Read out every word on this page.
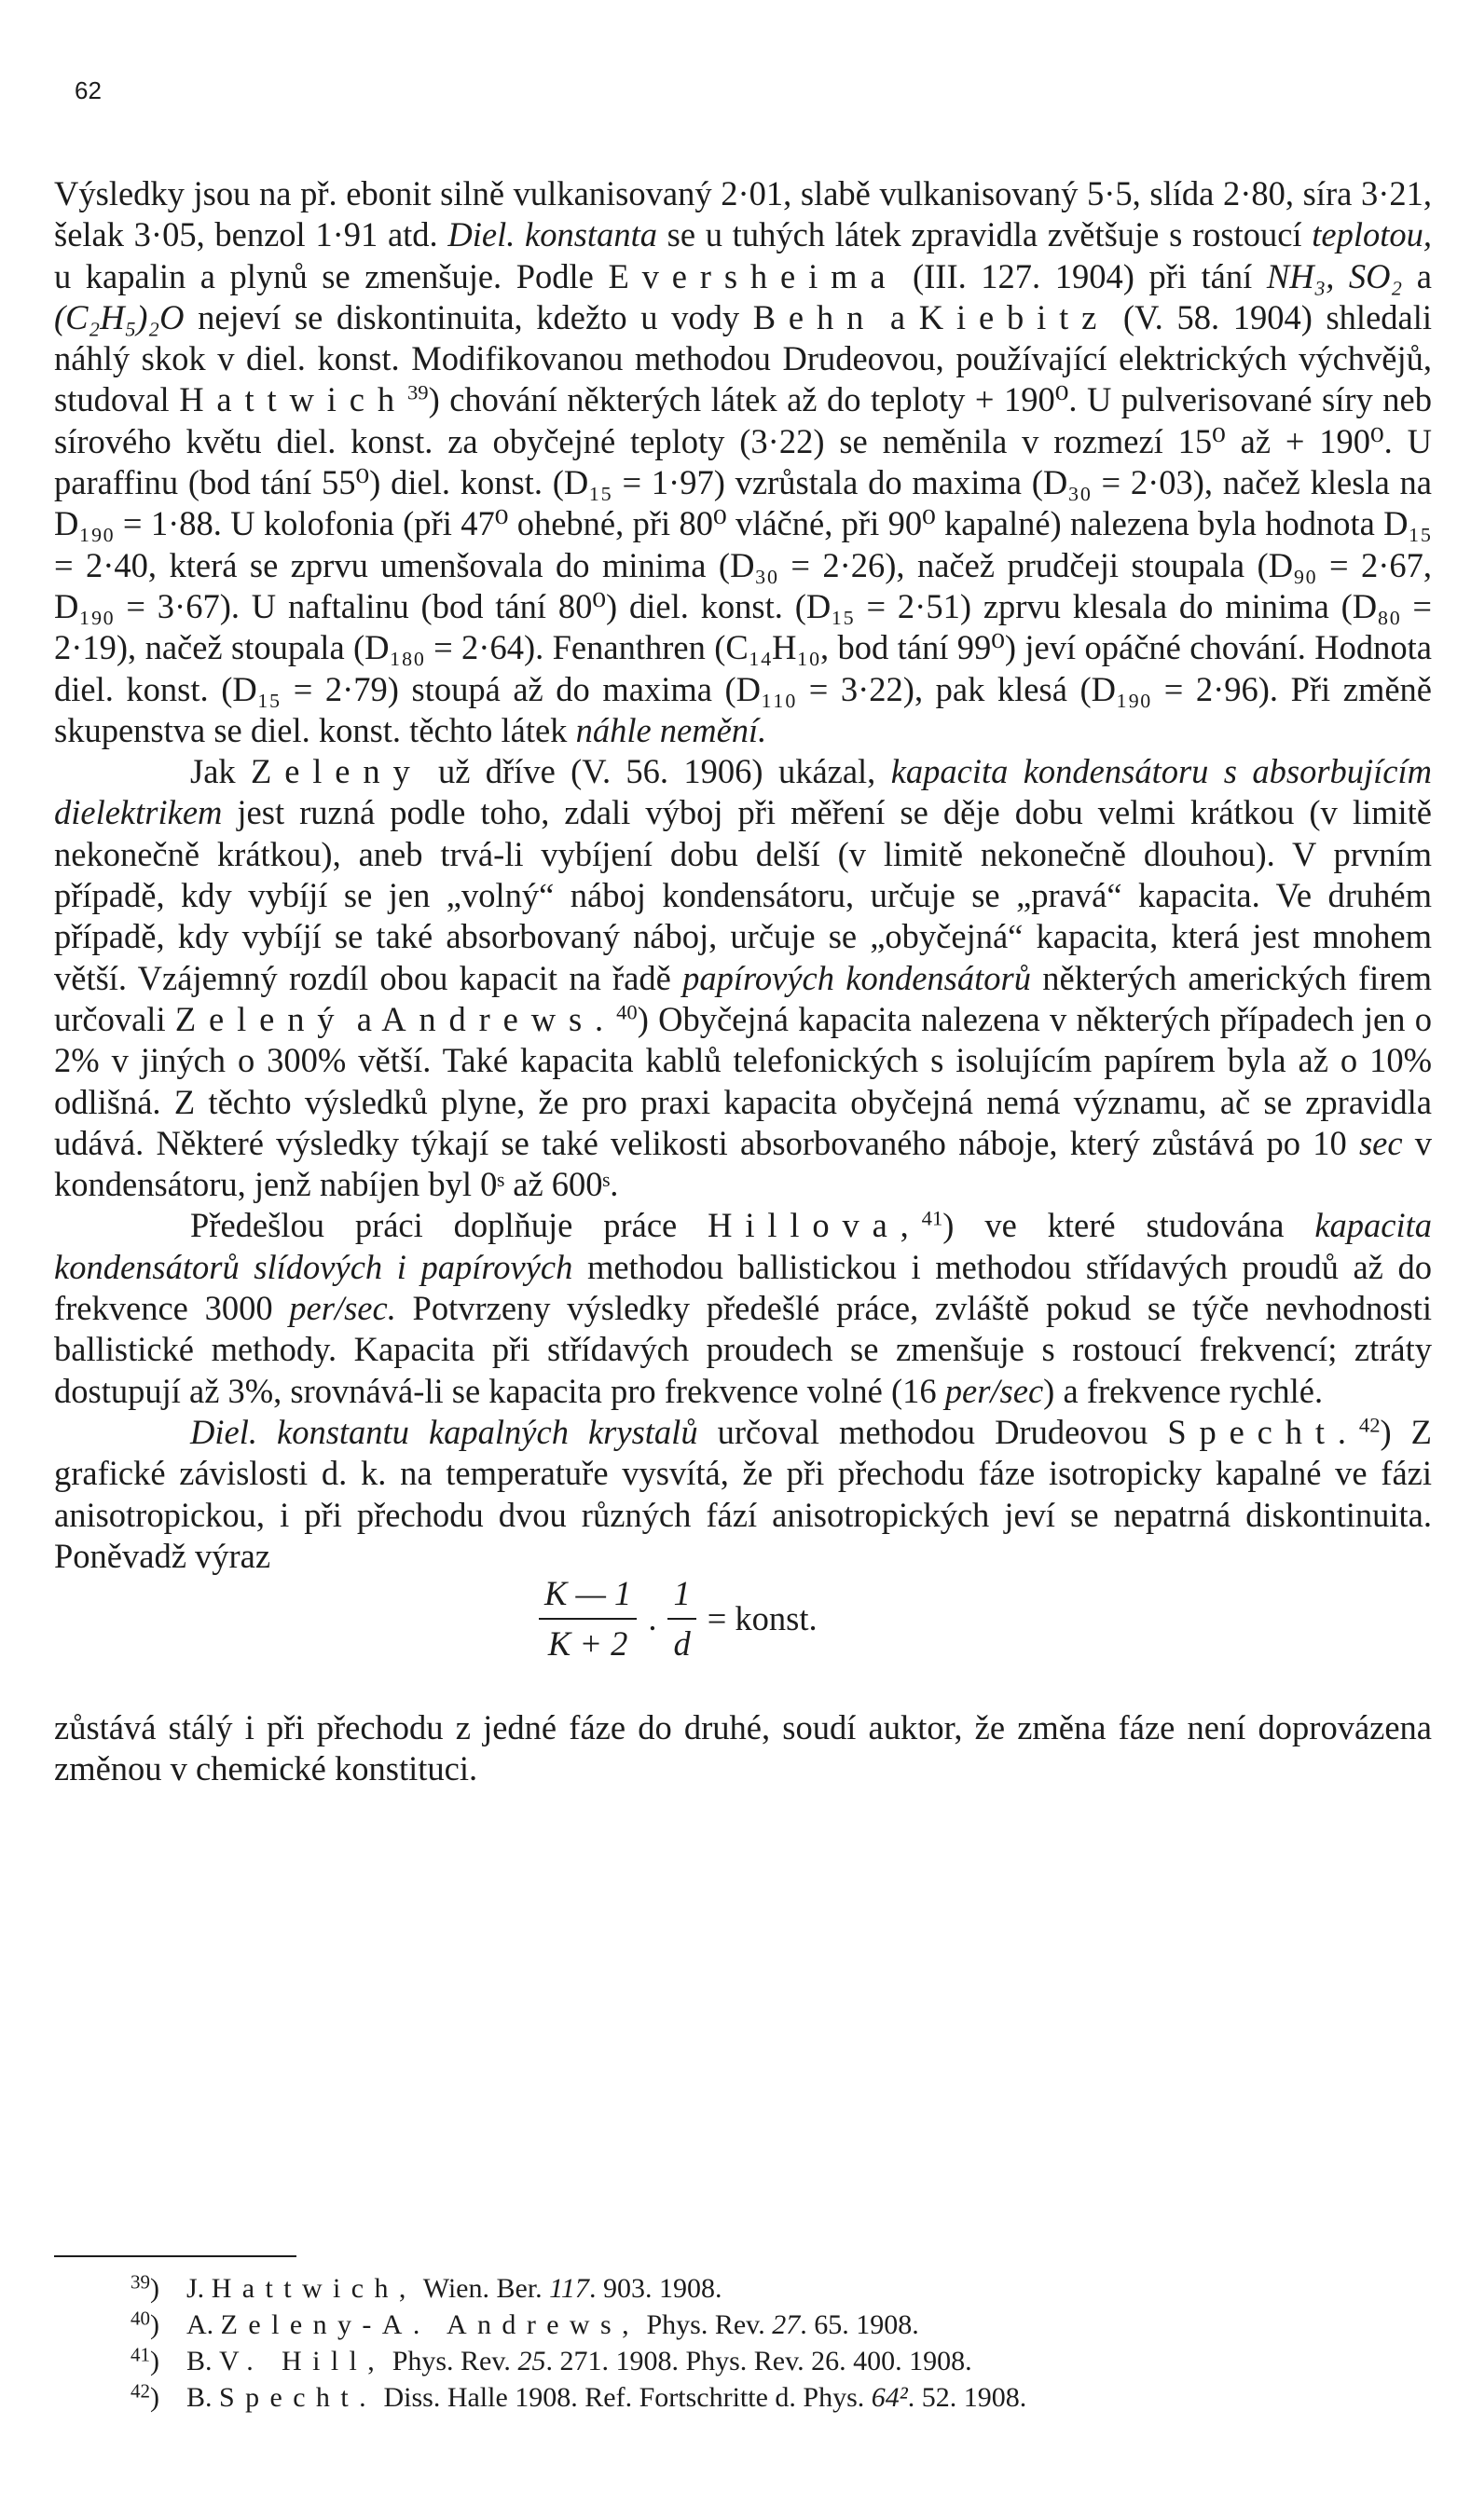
62

Výsledky jsou na př. ebonit silně vulkanisovaný 2·01, slabě vulkanisovaný 5·5, slída 2·80, síra 3·21, šelak 3·05, benzol 1·91 atd. Diel. konstanta se u tuhých látek zpravidla zvětšuje s rostoucí teplotou, u kapalin a plynů se zmenšuje. Podle Eversheima (III. 127. 1904) při tání NH₃, SO₂ a (C₂H₅)₂O nejeví se diskontinuita, kdežto u vody Behn a Kiebitz (V. 58. 1904) shledali náhlý skok v diel. konst. Modifikovanou methodou Drudeovou, používající elektrických výchvějů, studoval Hattwich$^{39}$) chování některých látek až do teploty + 190⁰. U pulverisované síry neb sírového květu diel. konst. za obyčejné teploty (3·22) se neměnila v rozmezí 15⁰ až + 190⁰. U paraffinu (bod tání 55⁰) diel. konst. (D₁₅ = 1·97) vzrůstala do maxima (D₃₀ = 2·03), načež klesla na D₁₉₀ = 1·88. U kolofonia (při 47⁰ ohebné, při 80⁰ vláčné, při 90⁰ kapalné) nalezena byla hodnota D₁₅ = 2·40, která se zprvu umenšovala do minima (D₃₀ = 2·26), načež prudčeji stoupala (D₉₀ = 2·67, D₁₉₀ = 3·67). U naftalinu (bod tání 80⁰) diel. konst. (D₁₅ = 2·51) zprvu klesala do minima (D₈₀ = 2·19), načež stoupala (D₁₈₀ = 2·64). Fenanthren (C₁₄H₁₀, bod tání 99⁰) jeví opáčné chování. Hodnota diel. konst. (D₁₅ = 2·79) stoupá až do maxima (D₁₁₀ = 3·22), pak klesá (D₁₉₀ = 2·96). Při změně skupenstva se diel. konst. těchto látek náhle nemění.

Jak Zeleny už dříve (V. 56. 1906) ukázal, kapacita kondensátoru s absorbujícím dielektrikem jest ruzná podle toho, zdali výboj při měření se děje dobu velmi krátkou (v limitě nekonečně krátkou), aneb trvá-li vybíjení dobu delší (v limitě nekonečně dlouhou). V prvním případě, kdy vybíjí se jen „volný“ náboj kondensátoru, určuje se „pravá“ kapacita. Ve druhém případě, kdy vybíjí se také absorbovaný náboj, určuje se „obyčejná“ kapacita, která jest mnohem větší. Vzájemný rozdíl obou kapacit na řadě papírových kondensátorů některých amerických firem určovali Zelený a Andrews.$^{40}$) Obyčejná kapacita nalezena v některých případech jen o 2% v jiných o 300% větší. Také kapacita kablů telefonických s isolujícím papírem byla až o 10% odlišná. Z těchto výsledků plyne, že pro praxi kapacita obyčejná nemá významu, ač se zpravidla udává. Některé výsledky týkají se také velikosti absorbovaného náboje, který zůstává po 10 sec v kondensátoru, jenž nabíjen byl 0ˢ až 600ˢ.

Předešlou práci doplňuje práce Hillova,$^{41}$) ve které studována kapacita kondensátorů slídových i papírových methodou ballistickou i methodou střídavých proudů až do frekvence 3000 per/sec. Potvrzeny výsledky předešlé práce, zvláště pokud se týče nevhodnosti ballistické methody. Kapacita při střídavých proudech se zmenšuje s rostoucí frekvencí; ztráty dostupují až 3%, srovnává-li se kapacita pro frekvence volné (16 per/sec) a frekvence rychlé.

Diel. konstantu kapalných krystalů určoval methodou Drudeovou Specht.$^{42}$) Z grafické závislosti d. k. na temperatuře vysvítá, že při přechodu fáze isotropicky kapalné ve fázi anisotropickou, i při přechodu dvou různých fází anisotropických jeví se nepatrná diskontinuita. Poněvadž výraz

$\frac{K — 1}{K + 2}$ . $\frac{1}{d}$ = konst.

zůstává stálý i při přechodu z jedné fáze do druhé, soudí auktor, že změna fáze není doprovázena změnou v chemické konstituci.

$^{39}$) J. Hattwich, Wien. Ber. 117. 903. 1908.
$^{40}$) A. Zeleny-A. Andrews, Phys. Rev. 27. 65. 1908.
$^{41}$) B. V. Hill, Phys. Rev. 25. 271. 1908. Phys. Rev. 26. 400. 1908.
$^{42}$) B. Specht. Diss. Halle 1908. Ref. Fortschritte d. Phys. 64². 52. 1908.
